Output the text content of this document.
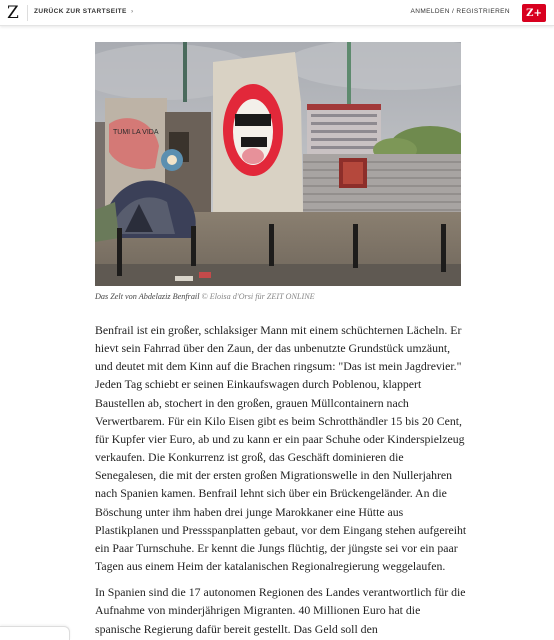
Z ZURÜCK ZUR STARTSEITE ›	ANMELDEN / REGISTRIEREN	Z+
TUMI LA VIDA
Das Zelt von Abdelaziz Benfrail © Eloisa d'Orsi für ZEIT ONLINE

Benfrail ist ein großer, schlaksiger Mann mit einem schüchternen Lächeln. Er hievt sein Fahrrad über den Zaun, der das unbenutzte Grundstück umzäunt, und deutet mit dem Kinn auf die Brachen ringsum: "Das ist mein Jagdrevier." Jeden Tag schiebt er seinen Einkaufswagen durch Poblenou, klappert Baustellen ab, stochert in den großen, grauen Müllcontainern nach Verwertbarem. Für ein Kilo Eisen gibt es beim Schrotthändler 15 bis 20 Cent, für Kupfer vier Euro, ab und zu kann er ein paar Schuhe oder Kinderspielzeug verkaufen. Die Konkurrenz ist groß, das Geschäft dominieren die Senegalesen, die mit der ersten großen Migrationswelle in den Nullerjahren nach Spanien kamen. Benfrail lehnt sich über ein Brückengeländer. An die Böschung unter ihm haben drei junge Marokkaner eine Hütte aus Plastikplanen und Pressspanplatten gebaut, vor dem Eingang stehen aufgereiht ein Paar Turnschuhe. Er kennt die Jungs flüchtig, der jüngste sei vor ein paar Tagen aus einem Heim der katalanischen Regionalregierung weggelaufen.

In Spanien sind die 17 autonomen Regionen des Landes verantwortlich für die Aufnahme von minderjährigen Migranten. 40 Millionen Euro hat die spanische Regierung dafür bereit gestellt. Das Geld soll den
